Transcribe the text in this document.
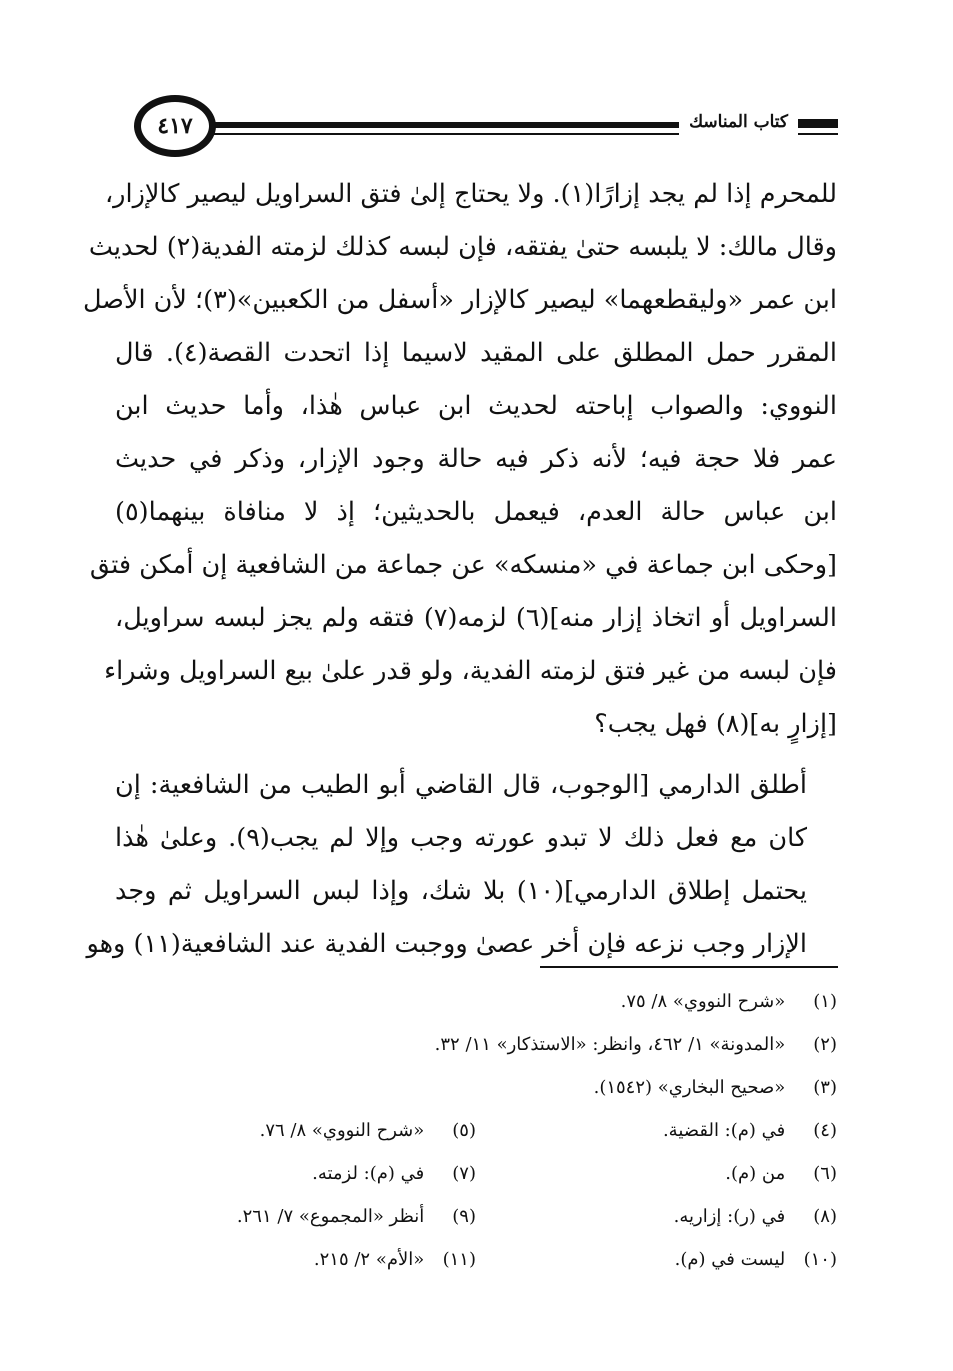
كتاب المناسك
٤١٧

للمحرم إذا لم يجد إزارًا(١). ولا يحتاج إلىٰ فتق السراويل ليصير كالإزار،
وقال مالك: لا يلبسه حتىٰ يفتقه، فإن لبسه كذلك لزمته الفدية(٢) لحديث
ابن عمر «وليقطعهما» ليصير كالإزار «أسفل من الكعبين»(٣)؛ لأن الأصل
المقرر حمل المطلق على المقيد لاسيما إذا اتحدت القصة(٤). قال
النووي: والصواب إباحته لحديث ابن عباس هٰذا، وأما حديث ابن
عمر فلا حجة فيه؛ لأنه ذكر فيه حالة وجود الإزار، وذكر في حديث
ابن عباس حالة العدم، فيعمل بالحديثين؛ إذ لا منافاة بينهما(٥)
[وحكى ابن جماعة في «منسكه» عن جماعة من الشافعية إن أمكن فتق
السراويل أو اتخاذ إزار منه](٦) لزمه(٧) فتقه ولم يجز لبسه سراويل،
فإن لبسه من غير فتق لزمته الفدية، ولو قدر علىٰ بيع السراويل وشراء
[إزارٍ به](٨) فهل يجب؟

أطلق الدارمي [الوجوب، قال القاضي أبو الطيب من الشافعية: إن
كان مع فعل ذلك لا تبدو عورته وجب وإلا لم يجب(٩). وعلىٰ هٰذا
يحتمل إطلاق الدارمي](١٠) بلا شك، وإذا لبس السراويل ثم وجد
الإزار وجب نزعه فإن أخر عصىٰ ووجبت الفدية عند الشافعية(١١) وهو

(١) «شرح النووي» ٨/ ٧٥.
(٢) «المدونة» ١/ ٤٦٢، وانظر: «الاستذكار» ١١/ ٣٢.
(٣) «صحيح البخاري» (١٥٤٢).
(٤) في (م): القضية.
(٥) «شرح النووي» ٨/ ٧٦.
(٦) من (م).
(٧) في (م): لزمته.
(٨) في (ر): إزاريه.
(٩) أنظر «المجموع» ٧/ ٢٦١.
(١٠) ليست في (م).
(١١) «الأم» ٢/ ٢١٥.
